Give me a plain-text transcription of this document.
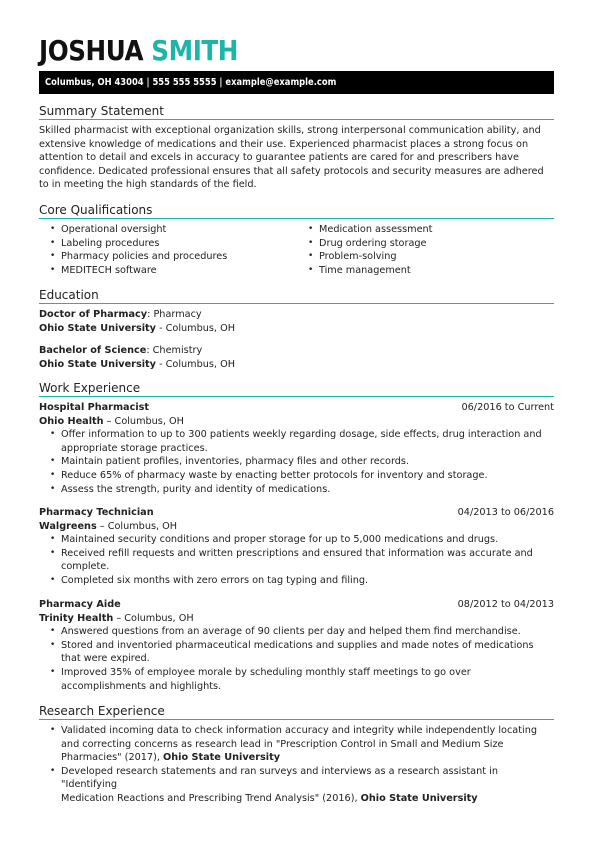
JOSHUA SMITH
Columbus, OH 43004 | 555 555 5555 | example@example.com
Summary Statement

Skilled pharmacist with exceptional organization skills, strong interpersonal communication ability, and extensive knowledge of medications and their use. Experienced pharmacist places a strong focus on attention to detail and excels in accuracy to guarantee patients are cared for and prescribers have confidence. Dedicated professional ensures that all safety protocols and security measures are adhered to in meeting the high standards of the field.

Core Qualifications
• Operational oversight
• Labeling procedures
• Pharmacy policies and procedures
• MEDITECH software
• Medication assessment
• Drug ordering storage
• Problem-solving
• Time management
Education
Doctor of Pharmacy: Pharmacy
Ohio State University - Columbus, OH
Bachelor of Science: Chemistry
Ohio State University - Columbus, OH
Work Experience
Hospital Pharmacist	06/2016 to Current
Ohio Health – Columbus, OH
• Offer information to up to 300 patients weekly regarding dosage, side effects, drug interaction and
appropriate storage practices.
• Maintain patient profiles, inventories, pharmacy files and other records.
• Reduce 65% of pharmacy waste by enacting better protocols for inventory and storage.
• Assess the strength, purity and identity of medications.
Pharmacy Technician	04/2013 to 06/2016
Walgreens – Columbus, OH
• Maintained security conditions and proper storage for up to 5,000 medications and drugs.
• Received refill requests and written prescriptions and ensured that information was accurate and
complete.
• Completed six months with zero errors on tag typing and filing.
Pharmacy Aide	08/2012 to 04/2013
Trinity Health – Columbus, OH
• Answered questions from an average of 90 clients per day and helped them find merchandise.
• Stored and inventoried pharmaceutical medications and supplies and made notes of medications
that were expired.
• Improved 35% of employee morale by scheduling monthly staff meetings to go over
accomplishments and highlights.
Research Experience
• Validated incoming data to check information accuracy and integrity while independently locating
and correcting concerns as research lead in "Prescription Control in Small and Medium Size
Pharmacies" (2017), Ohio State University
• Developed research statements and ran surveys and interviews as a research assistant in "Identifying
Medication Reactions and Prescribing Trend Analysis" (2016), Ohio State University
